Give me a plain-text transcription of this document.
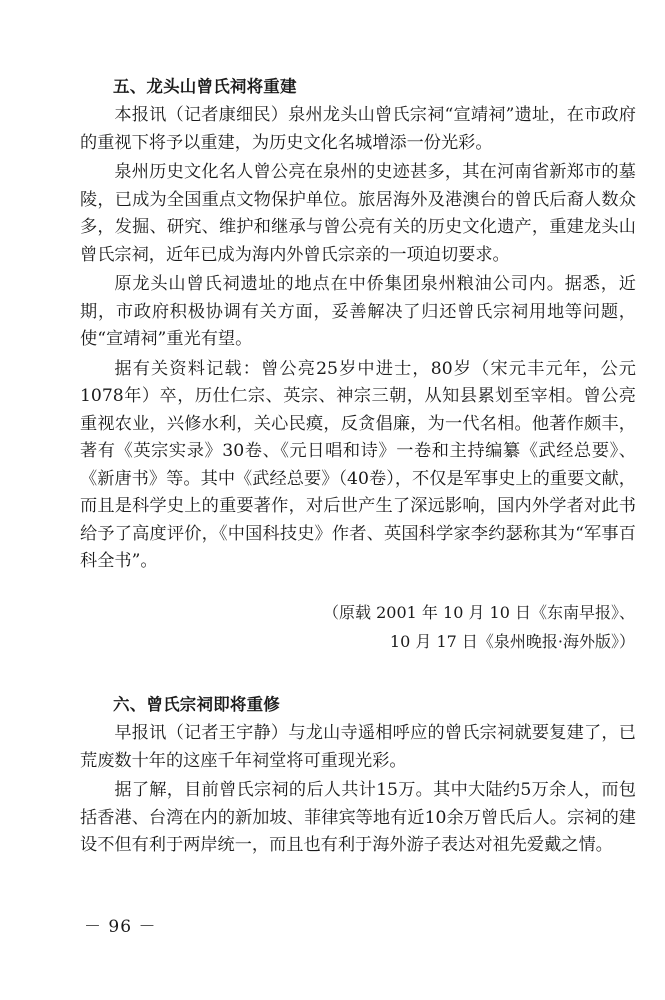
五、龙头山曾氏祠将重建

本报讯（记者康细民）泉州龙头山曾氏宗祠“宣靖祠”遗址，在市政府的重视下将予以重建，为历史文化名城增添一份光彩。

泉州历史文化名人曾公亮在泉州的史迹甚多，其在河南省新郑市的墓陵，已成为全国重点文物保护单位。旅居海外及港澳台的曾氏后裔人数众多，发掘、研究、维护和继承与曾公亮有关的历史文化遗产，重建龙头山曾氏宗祠，近年已成为海内外曾氏宗亲的一项迫切要求。

原龙头山曾氏祠遗址的地点在中侨集团泉州粮油公司内。据悉，近期，市政府积极协调有关方面，妥善解决了归还曾氏宗祠用地等问题，使“宣靖祠”重光有望。

据有关资料记载：曾公亮25岁中进士，80岁（宋元丰元年，公元1078年）卒，历仕仁宗、英宗、神宗三朝，从知县累划至宰相。曾公亮重视农业，兴修水利，关心民瘼，反贪倡廉，为一代名相。他著作颇丰，著有《英宗实录》30卷、《元日唱和诗》一卷和主持编纂《武经总要》、《新唐书》等。其中《武经总要》（40卷），不仅是军事史上的重要文献，而且是科学史上的重要著作，对后世产生了深远影响，国内外学者对此书给予了高度评价，《中国科技史》作者、英国科学家李约瑟称其为“军事百科全书”。

（原载 2001 年 10 月 10 日《东南早报》、
10 月 17 日《泉州晚报·海外版》）
六、曾氏宗祠即将重修

早报讯（记者王宇静）与龙山寺遥相呼应的曾氏宗祠就要复建了，已荒废数十年的这座千年祠堂将可重现光彩。

据了解，目前曾氏宗祠的后人共计15万。其中大陆约5万余人，而包括香港、台湾在内的新加坡、菲律宾等地有近10余万曾氏后人。宗祠的建设不但有利于两岸统一，而且也有利于海外游子表达对祖先爱戴之情。

－ 96 －
